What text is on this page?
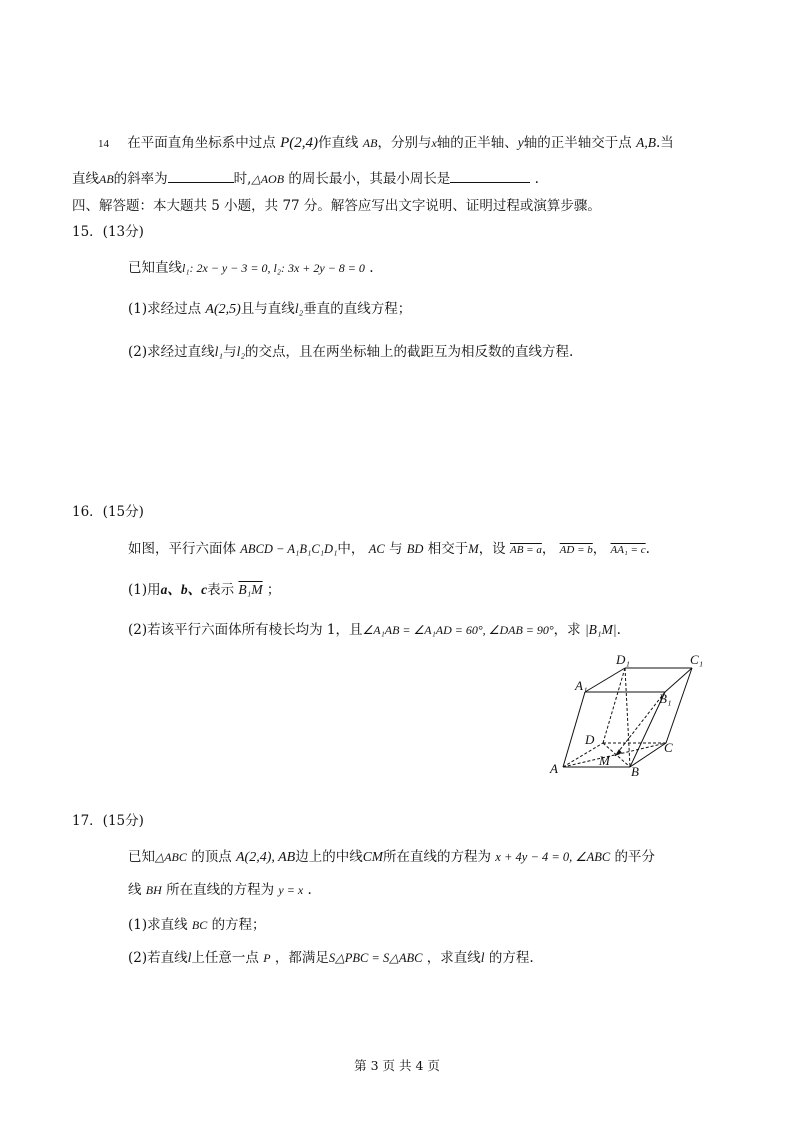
14 在平面直角坐标系中过点 P(2,4)作直线 AB，分别与x轴的正半轴、y轴的正半轴交于点 A,B.当
直线AB的斜率为	时,△AOB 的周长最小，其最小周长是	.
四、解答题：本大题共 5 小题，共 77 分。解答应写出文字说明、证明过程或演算步骤。
15．(13分)
已知直线l₁: 2x − y − 3 = 0, l₂: 3x + 2y − 8 = 0 .
(1)求经过点 A(2,5)且与直线l₂垂直的直线方程；
(2)求经过直线l₁与l₂的交点，且在两坐标轴上的截距互为相反数的直线方程.
16．(15分)
如图，平行六面体 ABCD − A₁B₁C₁D₁中， AC 与 BD 相交于M，设 AB = a， AD = b， AA₁ = c.
(1)用a、b、c表示 B₁M ；
(2)若该平行六面体所有棱长均为 1，且∠A₁AB = ∠A₁AD = 60°, ∠DAB = 90°，求 |B₁M|.
D₁	C₁
A₁
B₁
D
C
M
A	B
17．(15分)
已知△ABC 的顶点 A(2,4), AB边上的中线CM所在直线的方程为 x + 4y − 4 = 0, ∠ABC 的平分
线 BH 所在直线的方程为 y = x .
(1)求直线 BC 的方程；
(2)若直线l上任意一点 P ，都满足S△PBC = S△ABC ，求直线l 的方程.
第 3 页 共 4 页
